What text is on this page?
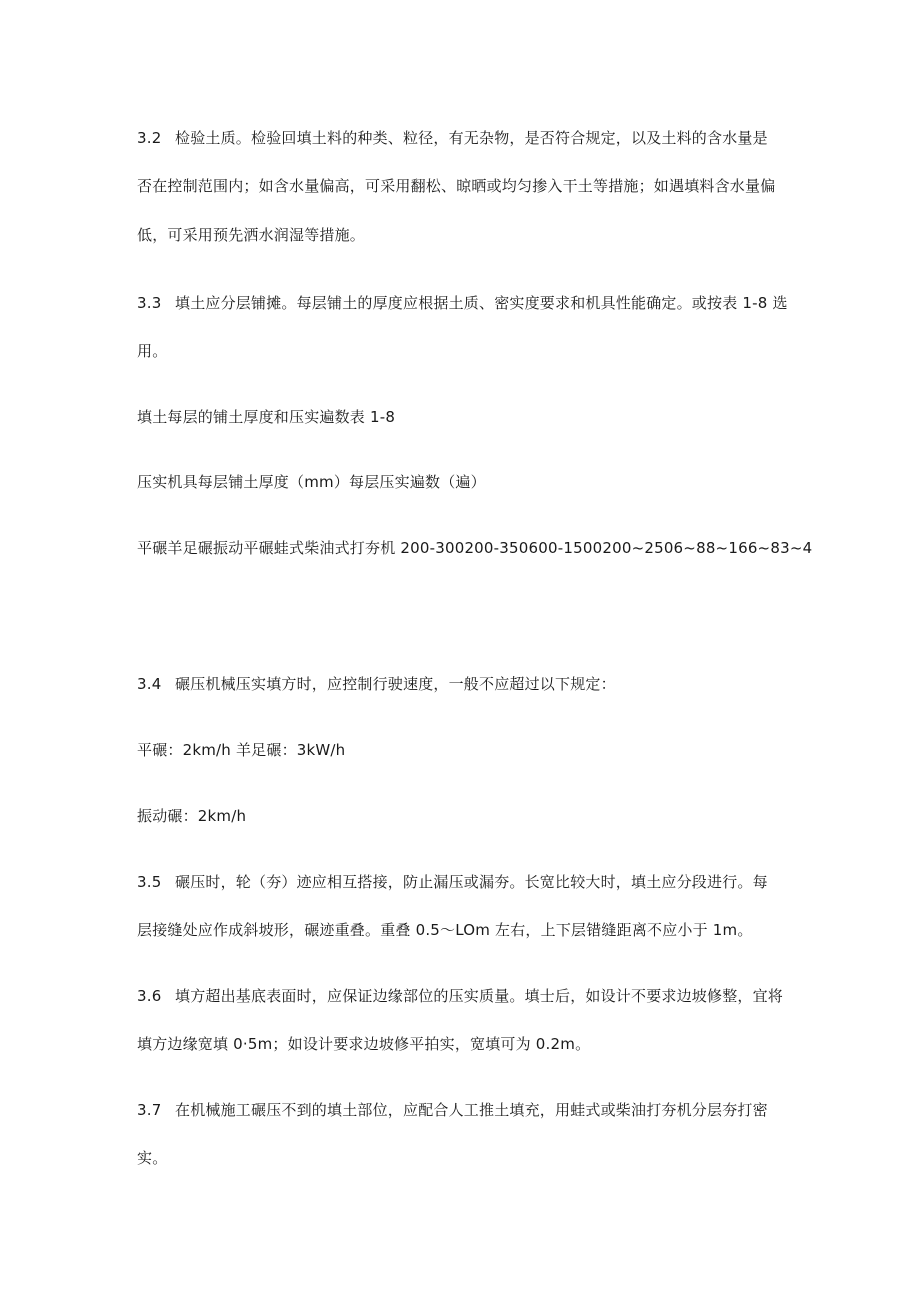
3.2 检验土质。检验回填土料的种类、粒径，有无杂物，是否符合规定，以及土料的含水量是
否在控制范围内；如含水量偏高，可采用翻松、晾晒或均匀掺入干土等措施；如遇填料含水量偏
低，可采用预先洒水润湿等措施。
3.3 填土应分层铺摊。每层铺土的厚度应根据土质、密实度要求和机具性能确定。或按表 1-8 选
用。
填土每层的铺土厚度和压实遍数表 1-8
压实机具每层铺土厚度（mm）每层压实遍数（遍）
平碾羊足碾振动平碾蛙式柴油式打夯机 200-300200-350600-1500200~2506~88~166~83~4
3.4 碾压机械压实填方时，应控制行驶速度，一般不应超过以下规定：
平碾：2km∕h 羊足碾：3kW∕h
振动碾：2km∕h
3.5 碾压时，轮（夯）迹应相互搭接，防止漏压或漏夯。长宽比较大时，填土应分段进行。每
层接缝处应作成斜坡形，碾迹重叠。重叠 0.5～LOm 左右，上下层错缝距离不应小于 1m。
3.6 填方超出基底表面时，应保证边缘部位的压实质量。填士后，如设计不要求边坡修整，宜将
填方边缘宽填 0·5m；如设计要求边坡修平拍实，宽填可为 0.2m。
3.7 在机械施工碾压不到的填土部位，应配合人工推土填充，用蛙式或柴油打夯机分层夯打密
实。
